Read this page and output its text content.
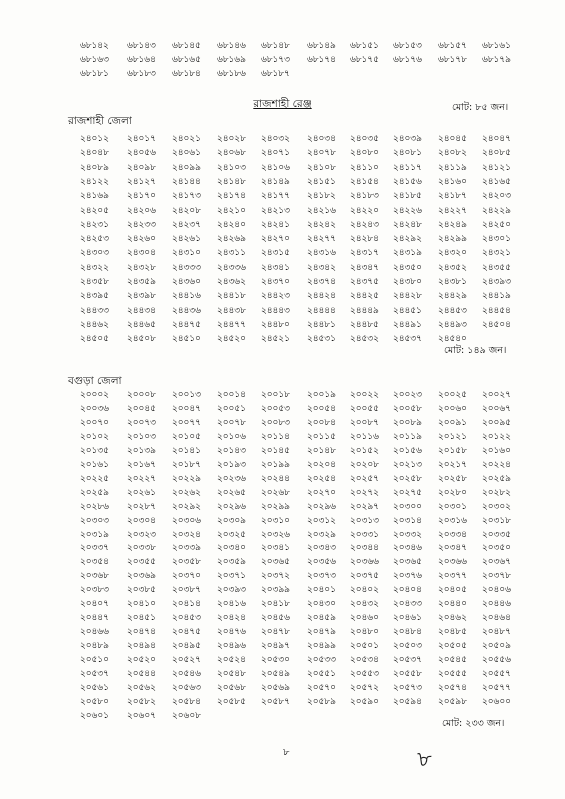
৬৮১৪২ ৬৮১৪৩ ৬৮১৪৫ ৬৮১৪৬ ৬৮১৪৮ ৬৮১৪৯ ৬৮১৫১ ৬৮১৫৩ ৬৮১৫৭ ৬৮১৬১
৬৮১৬৩ ৬৮১৬৪ ৬৮১৬৫ ৬৮১৬৯ ৬৮১৭৩ ৬৮১৭৪ ৬৮১৭৫ ৬৮১৭৬ ৬৮১৭৮ ৬৮১৭৯
৬৮১৮১ ৬৮১৮৩ ৬৮১৮৪ ৬৮১৮৬ ৬৮১৮৭
মোট: ৮৫ জন।
রাজশাহী রেঞ্জ
রাজশাহী জেলা
২৪০১২ ২৪০১৭ ২৪০২১ ২৪০২৮ ২৪০৩২ ২৪০৩৪ ২৪০৩৫ ২৪০৩৯ ২৪০৪৫ ২৪০৪৭
২৪০৪৮ ২৪০৫৬ ২৪০৬১ ২৪০৬৮ ২৪০৭১ ২৪০৭৮ ২৪০৮০ ২৪০৮১ ২৪০৮২ ২৪০৮৫
২৪০৮৯ ২৪০৯৮ ২৪০৯৯ ২৪১০৩ ২৪১০৬ ২৪১০৮ ২৪১১০ ২৪১১৭ ২৪১১৯ ২৪১২১
২৪১২২ ২৪১২৭ ২৪১৪৪ ২৪১৪৮ ২৪১৪৯ ২৪১৫১ ২৪১৫৪ ২৪১৫৬ ২৪১৬০ ২৪১৬৫
২৪১৬৯ ২৪১৭০ ২৪১৭৩ ২৪১৭৪ ২৪১৭৭ ২৪১৮২ ২৪১৮৩ ২৪১৮৫ ২৪১৮৭ ২৪২০৩
২৪২০৫ ২৪২০৬ ২৪২০৮ ২৪২১০ ২৪২১৩ ২৪২১৬ ২৪২২০ ২৪২২৬ ২৪২২৭ ২৪২২৯
২৪২৩১ ২৪২৩৩ ২৪২৩৭ ২৪২৪০ ২৪২৪১ ২৪২৪২ ২৪২৪৩ ২৪২৪৮ ২৪২৪৯ ২৪২৫০
২৪২৫৩ ২৪২৬০ ২৪২৬১ ২৪২৬৯ ২৪২৭০ ২৪২৭৭ ২৪২৮৪ ২৪২৯২ ২৪২৯৯ ২৪৩০১
২৪৩০৩ ২৪৩০৪ ২৪৩১০ ২৪৩১১ ২৪৩১৫ ২৪৩১৬ ২৪৩১৭ ২৪৩১৯ ২৪৩২০ ২৪৩২১
২৪৩২২ ২৪৩২৮ ২৪৩৩৩ ২৪৩৩৬ ২৪৩৪১ ২৪৩৪২ ২৪৩৪৭ ২৪৩৫০ ২৪৩৫২ ২৪৩৫৫
২৪৩৫৮ ২৪৩৫৯ ২৪৩৬০ ২৪৩৬২ ২৪৩৭০ ২৪৩৭৪ ২৪৩৭৫ ২৪৩৮০ ২৪৩৮১ ২৪৩৯৩
২৪৩৯৫ ২৪৩৯৮ ২৪৪১৬ ২৪৪১৮ ২৪৪২৩ ২৪৪২৪ ২৪৪২৫ ২৪৪২৮ ২৪৪২৯ ২৪৪১৯
২৪৪৩৩ ২৪৪৩৪ ২৪৪৩৬ ২৪৪৩৮ ২৪৪৪৩ ২৪৪৪৪ ২৪৪৪৯ ২৪৪৫১ ২৪৪৫৩ ২৪৪৫৪
২৪৪৬২ ২৪৪৬৫ ২৪৪৭৫ ২৪৪৭৭ ২৪৪৮০ ২৪৪৮১ ২৪৪৮৫ ২৪৪৯১ ২৪৪৯৩ ২৪৫০৪
২৪৫০৫ ২৪৫০৮ ২৪৫১০ ২৪৫২০ ২৪৫২১ ২৪৫৩১ ২৪৫৩২ ২৪৫৩৭ ২৪৫৪০
মোট: ১৪৯ জন।
বগুড়া জেলা
২০০০২ ২০০০৮ ২০০১৩ ২০০১৪ ২০০১৮ ২০০১৯ ২০০২২ ২০০২৩ ২০০২৫ ২০০২৭
২০০৩৬ ২০০৪৫ ২০০৪৭ ২০০৫১ ২০০৫৩ ২০০৫৪ ২০০৫৫ ২০০৫৮ ২০০৬০ ২০০৬৭
২০০৭০ ২০০৭৩ ২০০৭৭ ২০০৭৮ ২০০৮৩ ২০০৮৪ ২০০৮৭ ২০০৮৯ ২০০৯১ ২০০৯৫
২০১০২ ২০১০৩ ২০১০৫ ২০১০৬ ২০১১৪ ২০১১৫ ২০১১৬ ২০১১৯ ২০১২১ ২০১২২
২০১৩৫ ২০১৩৯ ২০১৪১ ২০১৪৩ ২০১৪৫ ২০১৪৮ ২০১৫২ ২০১৫৬ ২০১৫৮ ২০১৬০
২০১৬১ ২০১৬৭ ২০১৮৭ ২০১৯৩ ২০১৯৯ ২০২০৪ ২০২০৮ ২০২১৩ ২০২১৭ ২০২২৪
২০২২৫ ২০২২৭ ২০২২৯ ২০২৩৬ ২০২৪৪ ২০২৫৪ ২০২৫৭ ২০২৫৮ ২০২৫৮ ২০২৫৯
২০২৫৯ ২০২৬১ ২০২৬২ ২০২৬৫ ২০২৬৮ ২০২৭০ ২০২৭২ ২০২৭৫ ২০২৮০ ২০২৮২
২০২৮৬ ২০২৮৭ ২০২৯২ ২০২৯৬ ২০২৯৯ ২০২৯৬ ২০২৯৭ ২০৩০০ ২০৩০১ ২০৩০২
২০৩০৩ ২০৩০৪ ২০৩০৬ ২০৩০৯ ২০৩১০ ২০৩১২ ২০৩১৩ ২০৩১৪ ২০৩১৬ ২০৩১৮
২০৩১৯ ২০৩২৩ ২০৩২৪ ২০৩২৫ ২০৩২৬ ২০৩২৯ ২০৩৩১ ২০৩৩২ ২০৩৩৪ ২০৩৩৫
২০৩৩৭ ২০৩৩৮ ২০৩৩৯ ২০৩৪০ ২০৩৪১ ২০৩৪৩ ২০৩৪৪ ২০৩৪৬ ২০৩৪৭ ২০৩৫০
২০৩৫৪ ২০৩৫৫ ২০৩৫৮ ২০৩৫৯ ২০৩৬৫ ২০৩৫৬ ২০৩৬৬ ২০৩৬৫ ২০৩৬৬ ২০৩৬৭
২০৩৬৮ ২০৩৬৯ ২০৩৭০ ২০৩৭১ ২০৩৭২ ২০৩৭৩ ২০৩৭৫ ২০৩৭৬ ২০৩৭৭ ২০৩৭৮
২০৩৮৩ ২০৩৮৫ ২০৩৮৭ ২০৩৯৩ ২০৩৯৯ ২০৪০১ ২০৪০২ ২০৪০৪ ২০৪০৫ ২০৪০৬
২০৪০৭ ২০৪১০ ২০৪১৪ ২০৪১৬ ২০৪১৮ ২০৪৩০ ২০৪৩২ ২০৪৩৩ ২০৪৪০ ২০৪৪৬
২০৪৪৭ ২০৪৫১ ২০৪৫৩ ২০৪২৪ ২০৪৫৬ ২০৪৫৯ ২০৪৬০ ২০৪৬১ ২০৪৬২ ২০৪৬৪
২০৪৬৬ ২০৪৭৪ ২০৪৭৫ ২০৪৭৬ ২০৪৭৮ ২০৪৭৯ ২০৪৮০ ২০৪৮৪ ২০৪৮৫ ২০৪৮৭
২০৪৮৯ ২০৪৯৪ ২০৪৯৫ ২০৪৯৬ ২০৪৯৭ ২০৪৯৯ ২০৫০১ ২০৫০৩ ২০৫০৫ ২০৫০৯
২০৫১০ ২০৫২০ ২০৫২৭ ২০৫২৪ ২০৫৩০ ২০৫৩৩ ২০৫৩৪ ২০৫৩৭ ২০৫৪৫ ২০৫৫৬
২০৫৩৭ ২০৫৪৪ ২০৫৪৬ ২০৫৪৮ ২০৫৪৯ ২০৫৫১ ২০৫৫৩ ২০৫৫৮ ২০৫৫৫ ২০৫৫৭
২০৫৬১ ২০৫৬২ ২০৫৬৩ ২০৫৬৮ ২০৫৬৯ ২০৫৭০ ২০৫৭২ ২০৫৭৩ ২০৫৭৪ ২০৫৭৭
২০৫৮০ ২০৫৮২ ২০৫৮৪ ২০৫৮৫ ২০৫৮৭ ২০৫৮৯ ২০৫৯০ ২০৫৯৪ ২০৫৯৮ ২০৬০০
২০৬০১ ২০৬০৭ ২০৬০৮
মোট: ২৩৩ জন।
৮	৮
